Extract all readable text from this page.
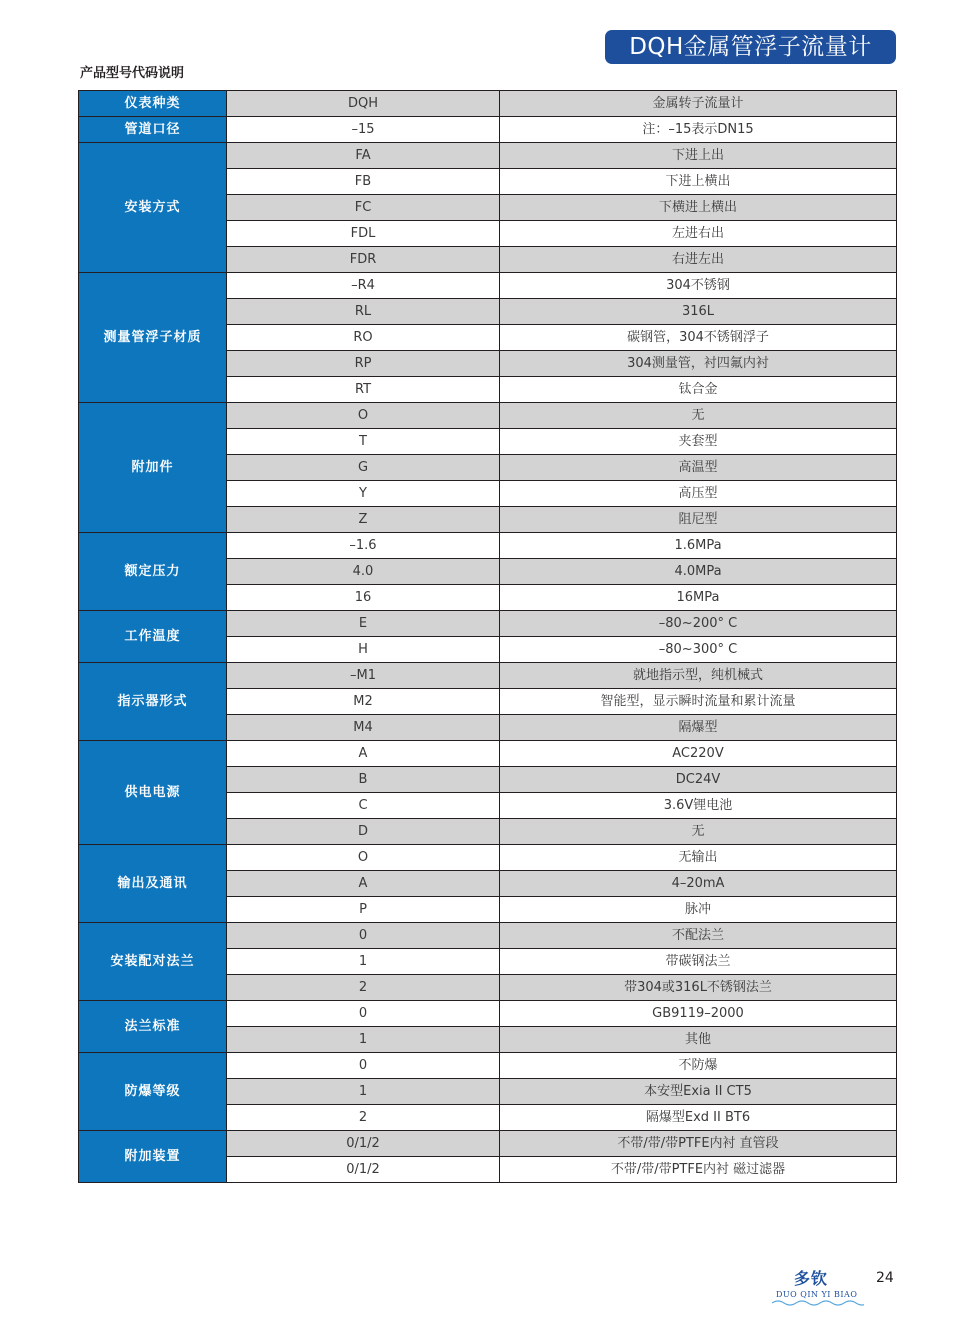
DQH金属管浮子流量计
产品型号代码说明
仪表种类	DQH	金属转子流量计
管道口径	–15	注：–15表示DN15
安装方式	FA	下进上出
	FB	下进上横出
	FC	下横进上横出
	FDL	左进右出
	FDR	右进左出
测量管浮子材质	–R4	304不锈钢
	RL	316L
	RO	碳钢管，304不锈钢浮子
	RP	304测量管，衬四氟内衬
	RT	钛合金
附加件	O	无
	T	夹套型
	G	高温型
	Y	高压型
	Z	阻尼型
额定压力	–1.6	1.6MPa
	4.0	4.0MPa
	16	16MPa
工作温度	E	–80~200° C
	H	–80~300° C
指示器形式	–M1	就地指示型，纯机械式
	M2	智能型，显示瞬时流量和累计流量
	M4	隔爆型
供电电源	A	AC220V
	B	DC24V
	C	3.6V锂电池
	D	无
输出及通讯	O	无输出
	A	4–20mA
	P	脉冲
安装配对法兰	0	不配法兰
	1	带碳钢法兰
	2	带304或316L不锈钢法兰
法兰标准	0	GB9119–2000
	1	其他
防爆等级	0	不防爆
	1	本安型Exia II CT5
	2	隔爆型Exd II BT6
附加装置	0/1/2	不带/带/带PTFE内衬 直管段
	0/1/2	不带/带/带PTFE内衬 磁过滤器
多钦
DUO QIN YI BIAO
24
